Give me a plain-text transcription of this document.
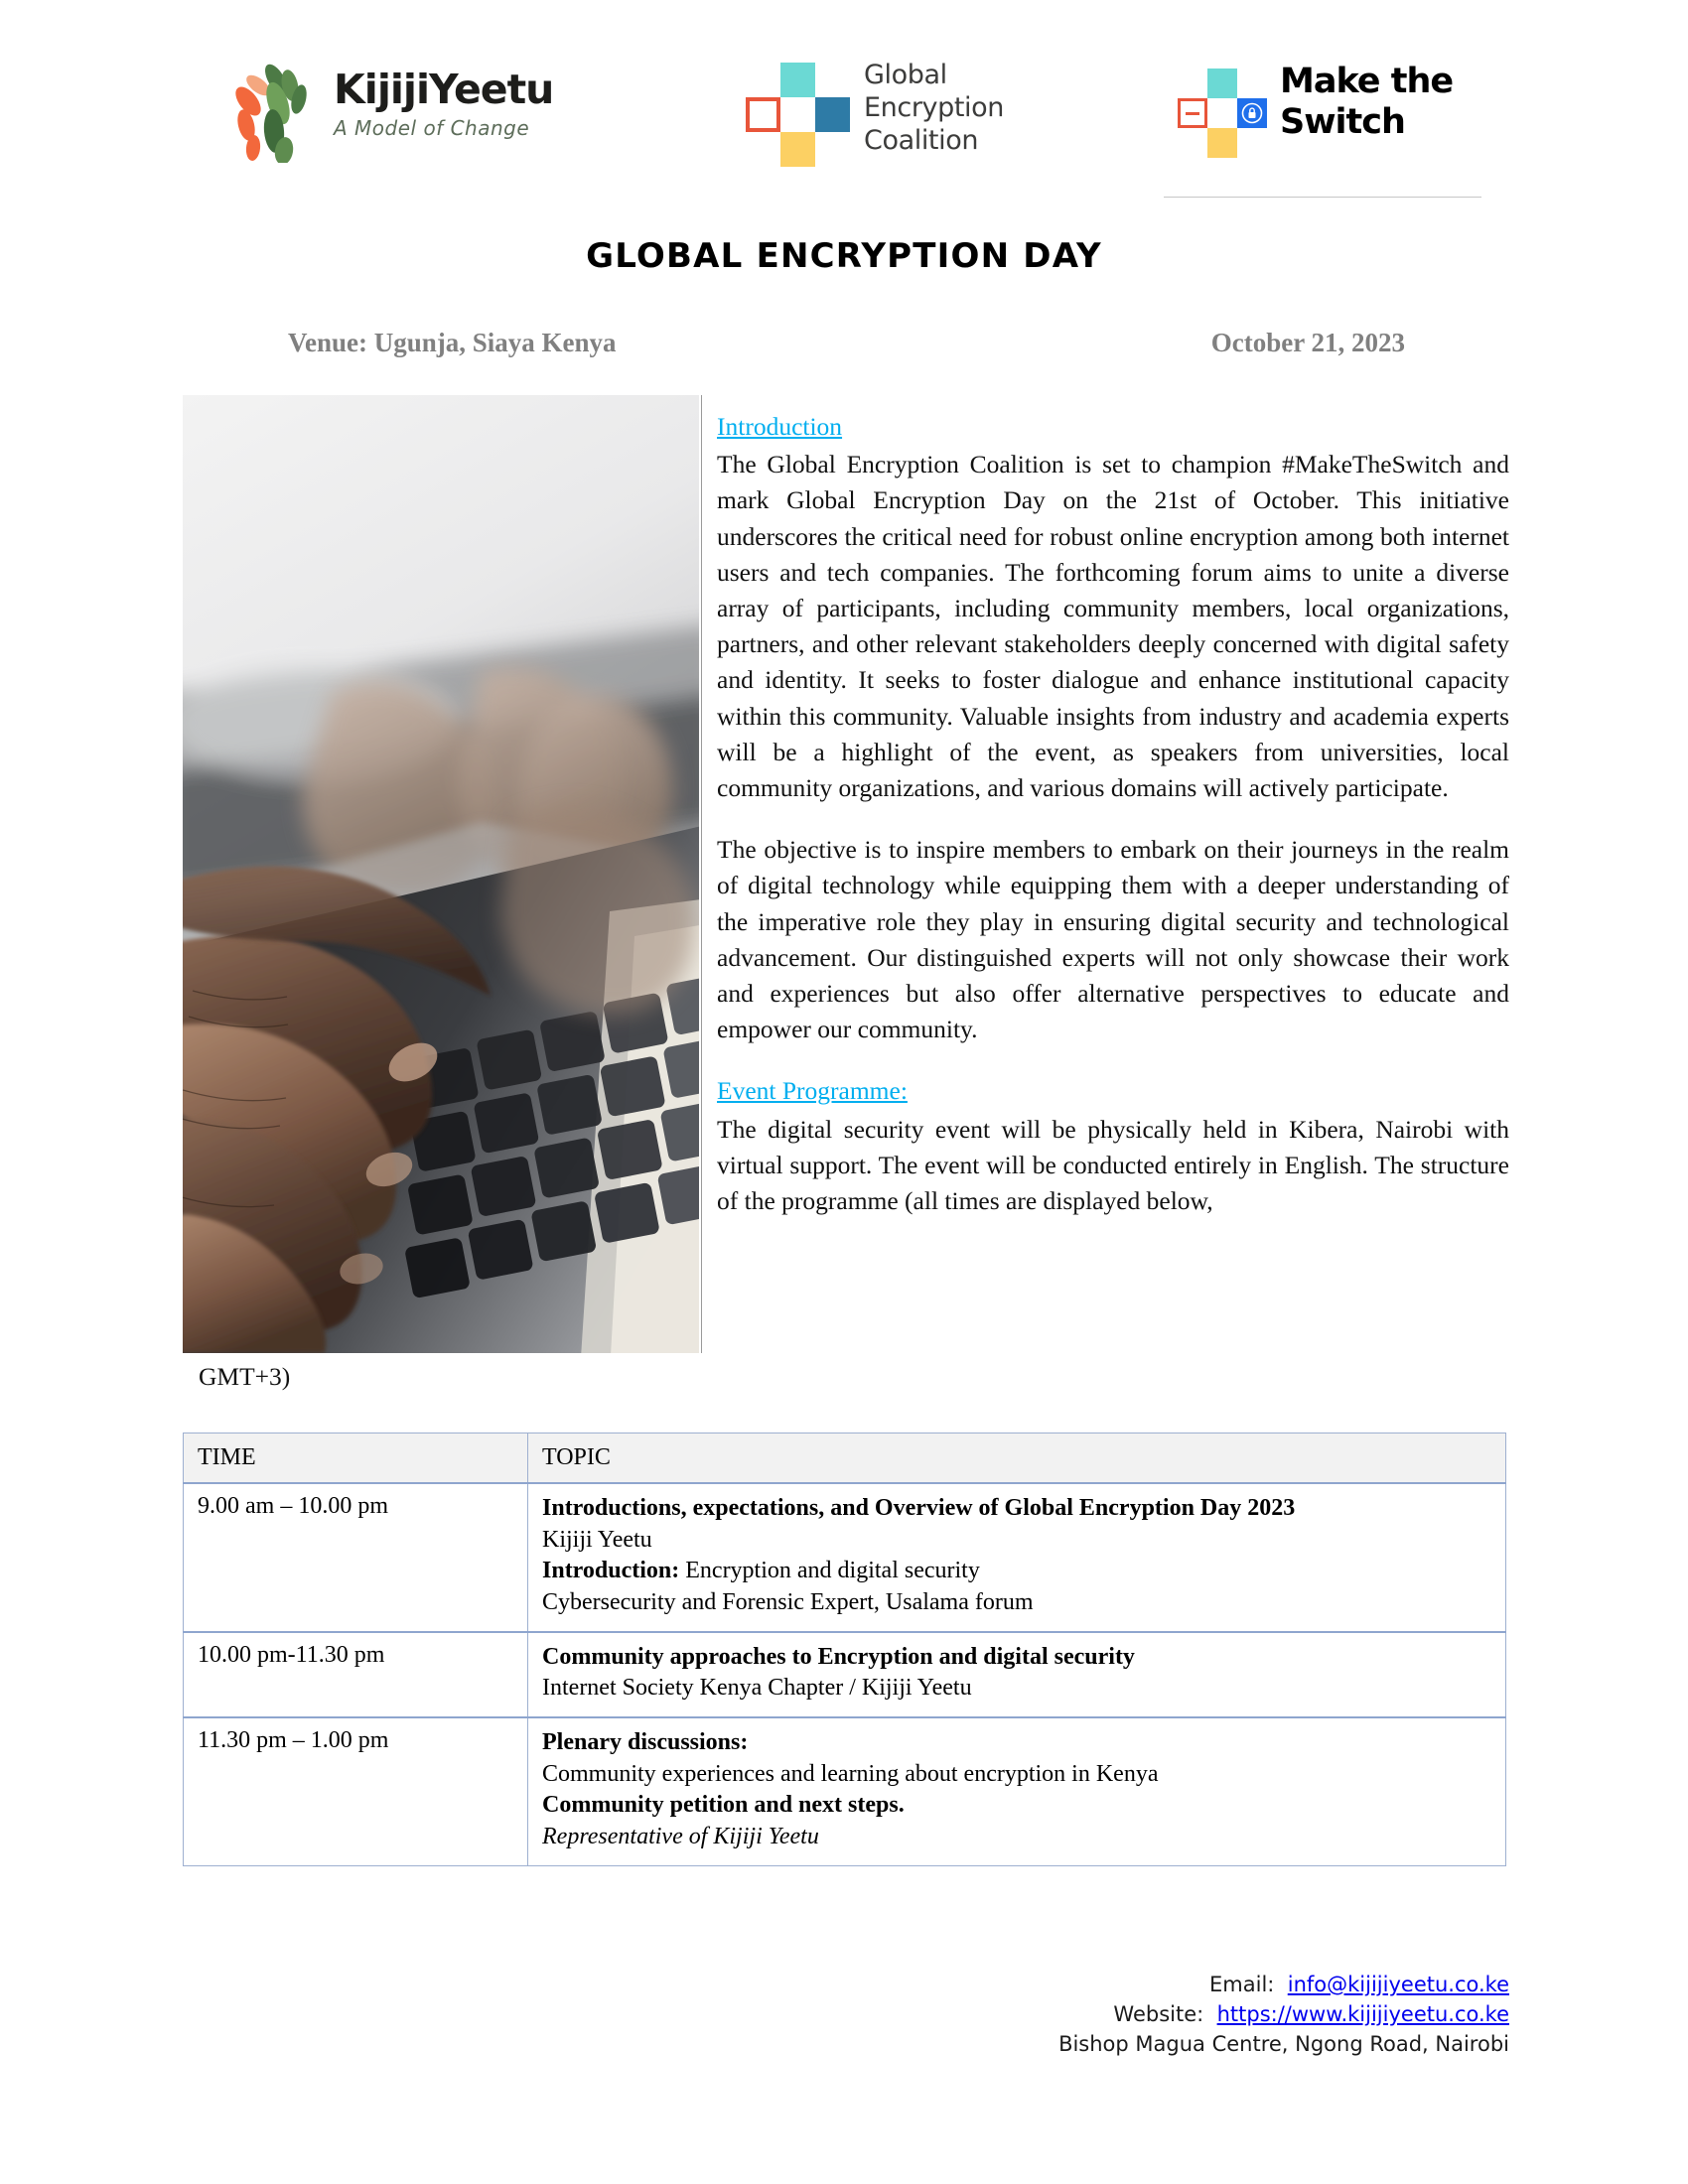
KijijiYeetu
A Model of Change
Global
Encryption
Coalition
Make the
Switch
GLOBAL ENCRYPTION DAY
Venue: Ugunja, Siaya Kenya	October 21, 2023
Introduction

The Global Encryption Coalition is set to champion #MakeTheSwitch and mark Global Encryption Day on the 21st of October. This initiative underscores the critical need for robust online encryption among both internet users and tech companies. The forthcoming forum aims to unite a diverse array of participants, including community members, local organizations, partners, and other relevant stakeholders deeply concerned with digital safety and identity. It seeks to foster dialogue and enhance institutional capacity within this community. Valuable insights from industry and academia experts will be a highlight of the event, as speakers from universities, local community organizations, and various domains will actively participate.

The objective is to inspire members to embark on their journeys in the realm of digital technology while equipping them with a deeper understanding of the imperative role they play in ensuring digital security and technological advancement. Our distinguished experts will not only showcase their work and experiences but also offer alternative perspectives to educate and empower our community.

Event Programme:

The digital security event will be physically held in Kibera, Nairobi with virtual support. The event will be conducted entirely in English. The structure of the programme (all times are displayed below,

GMT+3)
TIME	TOPIC
9.00 am – 10.00 pm	Introductions, expectations, and Overview of Global Encryption Day 2023
Kijiji Yeetu
Introduction: Encryption and digital security
Cybersecurity and Forensic Expert, Usalama forum

10.00 pm-11.30 pm	Community approaches to Encryption and digital security
Internet Society Kenya Chapter / Kijiji Yeetu

11.30 pm – 1.00 pm	Plenary discussions:
Community experiences and learning about encryption in Kenya
Community petition and next steps.
Representative of Kijiji Yeetu
Email: info@kijijiyeetu.co.ke
Website: https://www.kijijiyeetu.co.ke
Bishop Magua Centre, Ngong Road, Nairobi
